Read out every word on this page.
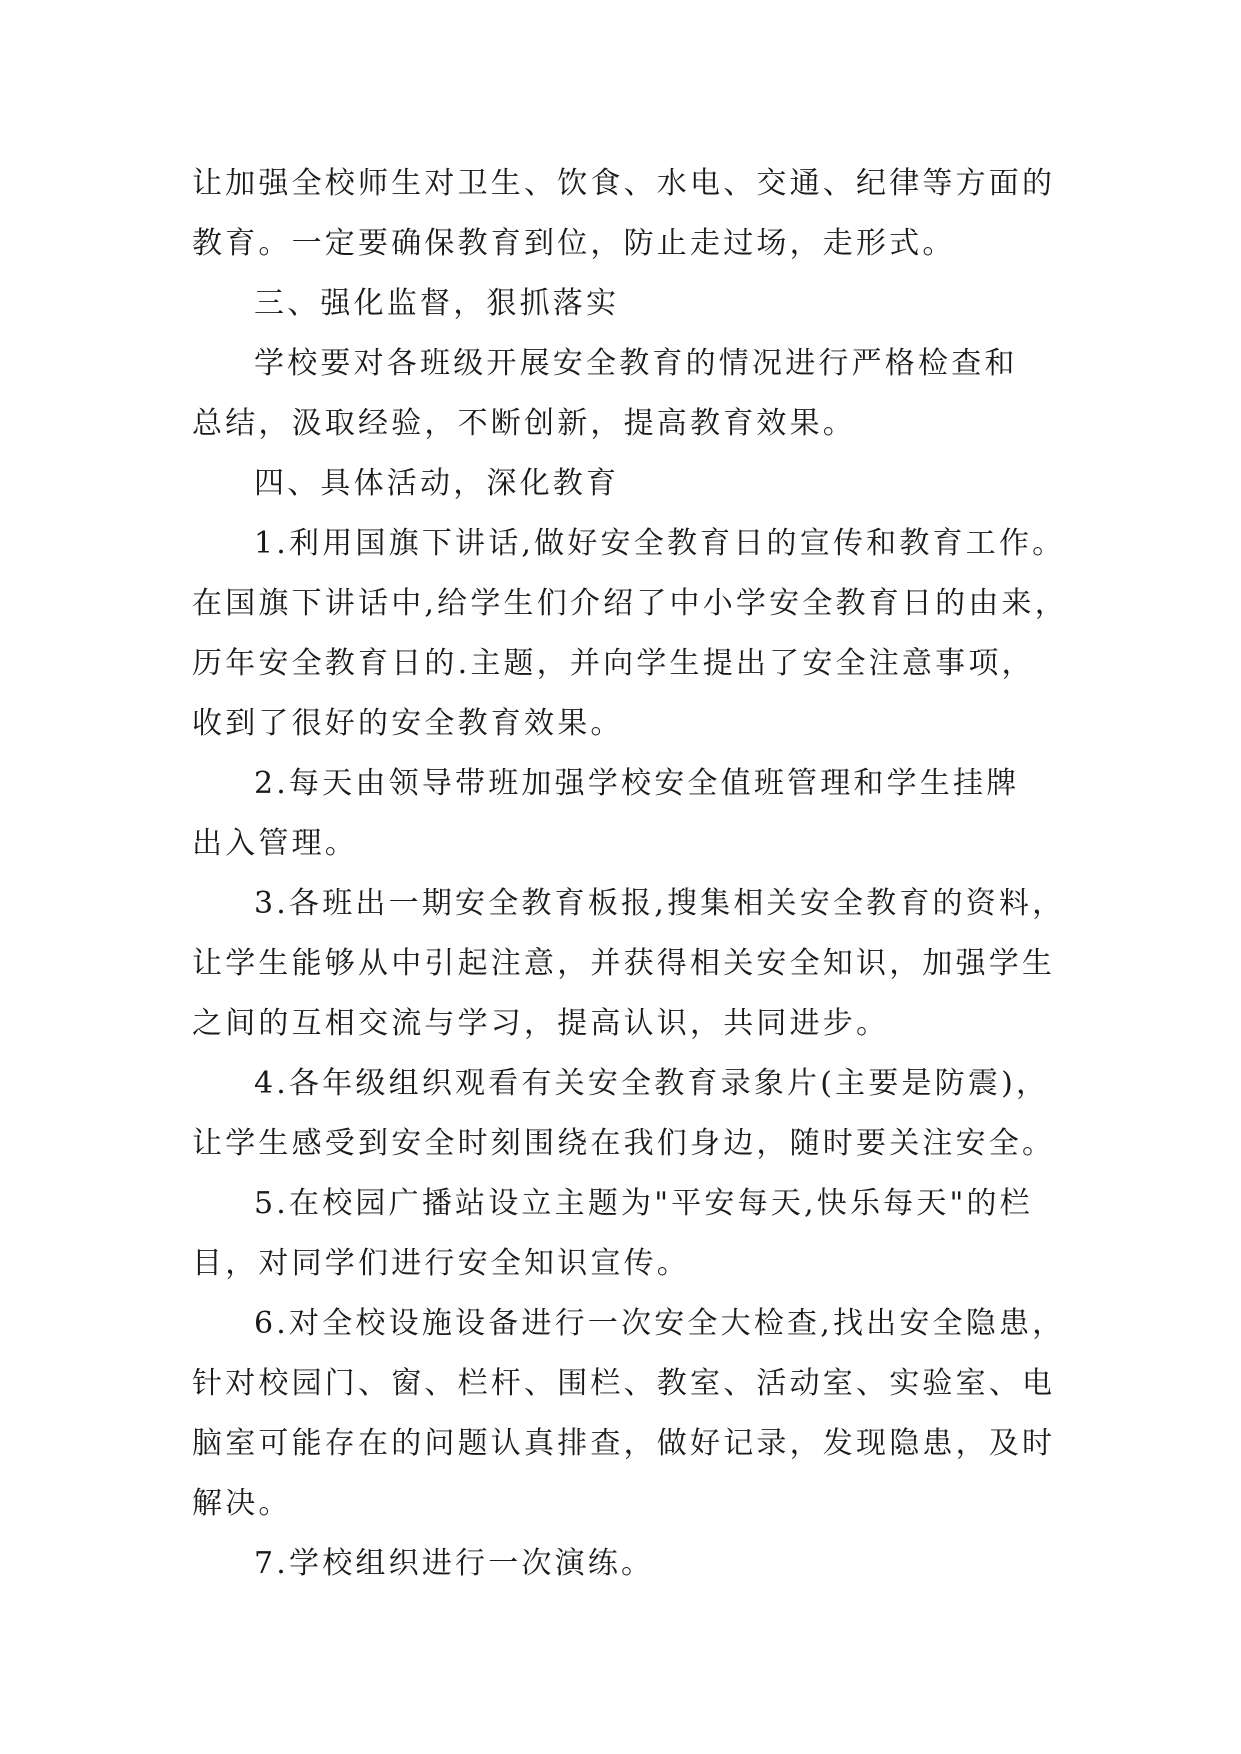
让加强全校师生对卫生、饮食、水电、交通、纪律等方面的
教育。一定要确保教育到位，防止走过场，走形式。
三、强化监督，狠抓落实
学校要对各班级开展安全教育的情况进行严格检查和
总结，汲取经验，不断创新，提高教育效果。
四、具体活动，深化教育
1.利用国旗下讲话,做好安全教育日的宣传和教育工作。
在国旗下讲话中,给学生们介绍了中小学安全教育日的由来，
历年安全教育日的.主题，并向学生提出了安全注意事项，
收到了很好的安全教育效果。
2.每天由领导带班加强学校安全值班管理和学生挂牌
出入管理。
3.各班出一期安全教育板报,搜集相关安全教育的资料，
让学生能够从中引起注意，并获得相关安全知识，加强学生
之间的互相交流与学习，提高认识，共同进步。
4.各年级组织观看有关安全教育录象片(主要是防震)，
让学生感受到安全时刻围绕在我们身边，随时要关注安全。
5.在校园广播站设立主题为"平安每天,快乐每天"的栏
目，对同学们进行安全知识宣传。
6.对全校设施设备进行一次安全大检查,找出安全隐患，
针对校园门、窗、栏杆、围栏、教室、活动室、实验室、电
脑室可能存在的问题认真排查，做好记录，发现隐患，及时
解决。
7.学校组织进行一次演练。
